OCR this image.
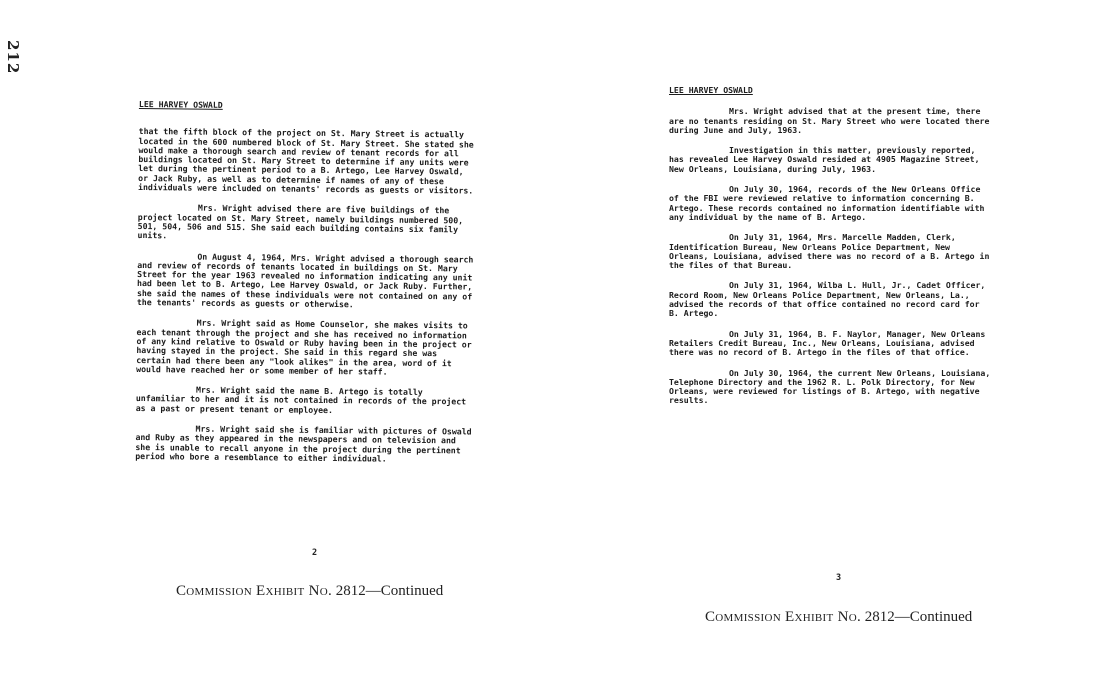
212
LEE HARVEY OSWALD

that the fifth block of the project on St. Mary Street is actually located in the 600 numbered block of St. Mary Street. She stated she would make a thorough search and review of tenant records for all buildings located on St. Mary Street to determine if any units were let during the pertinent period to a B. Artego, Lee Harvey Oswald, or Jack Ruby, as well as to determine if names of any of these individuals were included on tenants' records as guests or visitors.

Mrs. Wright advised there are five buildings of the project located on St. Mary Street, namely buildings numbered 500, 501, 504, 506 and 515. She said each building contains six family units.

On August 4, 1964, Mrs. Wright advised a thorough search and review of records of tenants located in buildings on St. Mary Street for the year 1963 revealed no information indicating any unit had been let to B. Artego, Lee Harvey Oswald, or Jack Ruby. Further, she said the names of these individuals were not contained on any of the tenants' records as guests or otherwise.

Mrs. Wright said as Home Counselor, she makes visits to each tenant through the project and she has received no information of any kind relative to Oswald or Ruby having been in the project or having stayed in the project. She said in this regard she was certain had there been any "look alikes" in the area, word of it would have reached her or some member of her staff.

Mrs. Wright said the name B. Artego is totally unfamiliar to her and it is not contained in records of the project as a past or present tenant or employee.

Mrs. Wright said she is familiar with pictures of Oswald and Ruby as they appeared in the newspapers and on television and she is unable to recall anyone in the project during the pertinent period who bore a resemblance to either individual.

2
Commission Exhibit No. 2812—Continued
LEE HARVEY OSWALD

Mrs. Wright advised that at the present time, there are no tenants residing on St. Mary Street who were located there during June and July, 1963.

Investigation in this matter, previously reported, has revealed Lee Harvey Oswald resided at 4905 Magazine Street, New Orleans, Louisiana, during July, 1963.

On July 30, 1964, records of the New Orleans Office of the FBI were reviewed relative to information concerning B. Artego. These records contained no information identifiable with any individual by the name of B. Artego.

On July 31, 1964, Mrs. Marcelle Madden, Clerk, Identification Bureau, New Orleans Police Department, New Orleans, Louisiana, advised there was no record of a B. Artego in the files of that Bureau.

On July 31, 1964, Wilba L. Hull, Jr., Cadet Officer, Record Room, New Orleans Police Department, New Orleans, La., advised the records of that office contained no record card for B. Artego.

On July 31, 1964, B. F. Naylor, Manager, New Orleans Retailers Credit Bureau, Inc., New Orleans, Louisiana, advised there was no record of B. Artego in the files of that office.

On July 30, 1964, the current New Orleans, Louisiana, Telephone Directory and the 1962 R. L. Polk Directory, for New Orleans, were reviewed for listings of B. Artego, with negative results.

3
Commission Exhibit No. 2812—Continued
